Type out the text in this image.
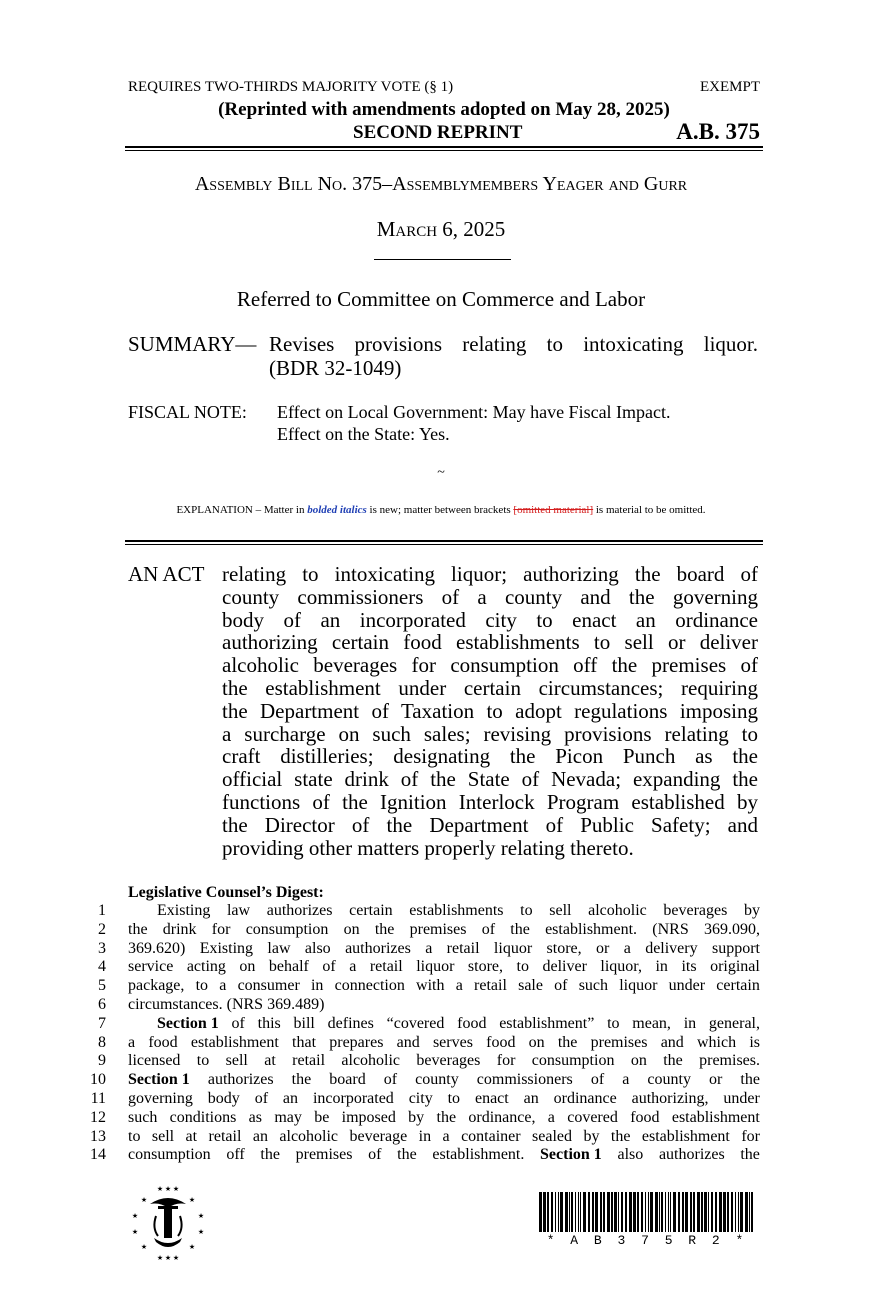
REQUIRES TWO-THIRDS MAJORITY VOTE (§ 1)	EXEMPT
(Reprinted with amendments adopted on May 28, 2025)
SECOND REPRINT	A.B. 375
Assembly Bill No. 375–Assemblymembers Yeager and Gurr
March 6, 2025
Referred to Committee on Commerce and Labor
SUMMARY— Revises provisions relating to intoxicating liquor.
(BDR 32-1049)
FISCAL NOTE: Effect on Local Government: May have Fiscal Impact.
Effect on the State: Yes.
~
EXPLANATION – Matter in bolded italics is new; matter between brackets [omitted material] is material to be omitted.
AN ACT relating to intoxicating liquor; authorizing the board of
county commissioners of a county and the governing
body of an incorporated city to enact an ordinance
authorizing certain food establishments to sell or deliver
alcoholic beverages for consumption off the premises of
the establishment under certain circumstances; requiring
the Department of Taxation to adopt regulations imposing
a surcharge on such sales; revising provisions relating to
craft distilleries; designating the Picon Punch as the
official state drink of the State of Nevada; expanding the
functions of the Ignition Interlock Program established by
the Director of the Department of Public Safety; and
providing other matters properly relating thereto.
Legislative Counsel’s Digest:
1	Existing law authorizes certain establishments to sell alcoholic beverages by
2 the drink for consumption on the premises of the establishment. (NRS 369.090,
3 369.620) Existing law also authorizes a retail liquor store, or a delivery support
4 service acting on behalf of a retail liquor store, to deliver liquor, in its original
5 package, to a consumer in connection with a retail sale of such liquor under certain
6 circumstances. (NRS 369.489)
7	Section 1 of this bill defines “covered food establishment” to mean, in general,
8 a food establishment that prepares and serves food on the premises and which is
9 licensed to sell at retail alcoholic beverages for consumption on the premises.
10 Section 1 authorizes the board of county commissioners of a county or the
11 governing body of an incorporated city to enact an ordinance authorizing, under
12 such conditions as may be imposed by the ordinance, a covered food establishment
13 to sell at retail an alcoholic beverage in a container sealed by the establishment for
14 consumption off the premises of the establishment. Section 1 also authorizes the
★ ★ ★
★	★
★	★
★	★
★	★
★ ★ ★
* A B 3 7 5 R 2 *
